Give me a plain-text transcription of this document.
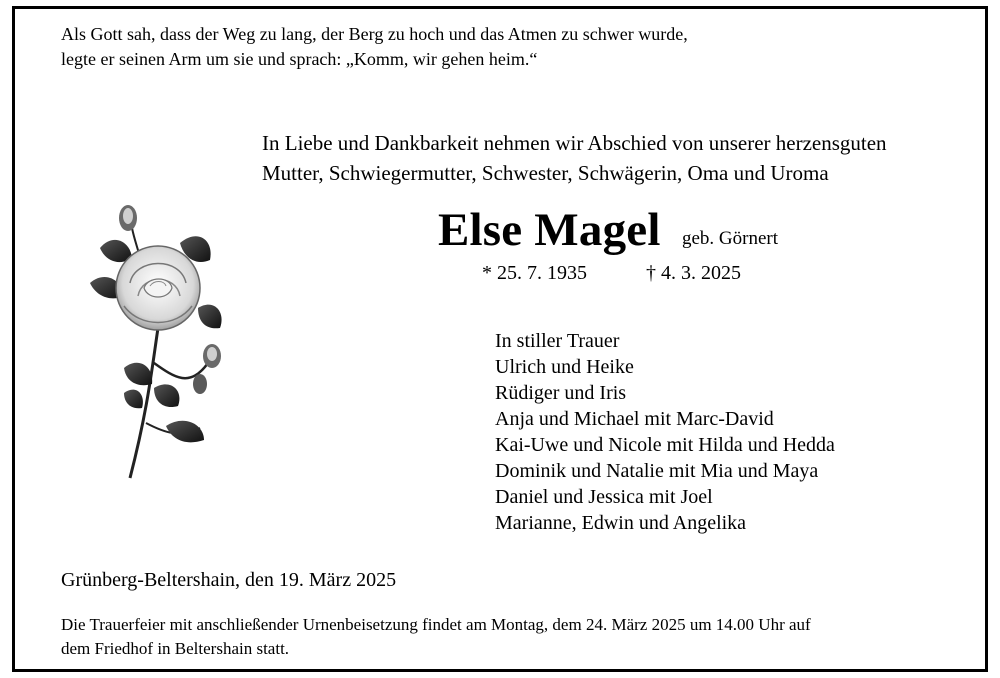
Als Gott sah, dass der Weg zu lang, der Berg zu hoch und das Atmen zu schwer wurde,
legte er seinen Arm um sie und sprach: „Komm, wir gehen heim.“
In Liebe und Dankbarkeit nehmen wir Abschied von unserer herzensguten
Mutter, Schwiegermutter, Schwester, Schwägerin, Oma und Uroma
Else Magel geb. Görnert
* 25. 7. 1935	† 4. 3. 2025
In stiller Trauer
Ulrich und Heike
Rüdiger und Iris
Anja und Michael mit Marc-David
Kai-Uwe und Nicole mit Hilda und Hedda
Dominik und Natalie mit Mia und Maya
Daniel und Jessica mit Joel
Marianne, Edwin und Angelika
Grünberg-Beltershain, den 19. März 2025
Die Trauerfeier mit anschließender Urnenbeisetzung findet am Montag, dem 24. März 2025 um 14.00 Uhr auf
dem Friedhof in Beltershain statt.
